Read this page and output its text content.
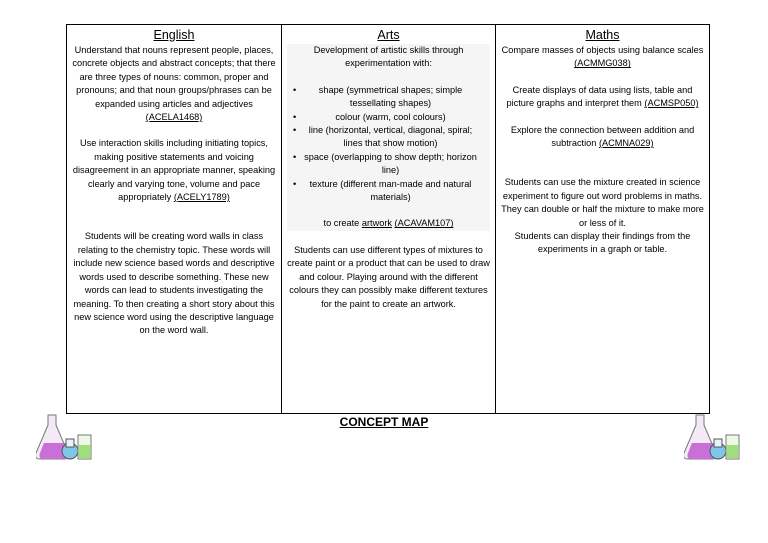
English

Understand that nouns represent people, places, concrete objects and abstract concepts; that there are three types of nouns: common, proper and pronouns; and that noun groups/phrases can be expanded using articles and adjectives (ACELA1468)

Use interaction skills including initiating topics, making positive statements and voicing disagreement in an appropriate manner, speaking clearly and varying tone, volume and pace appropriately (ACELY1789)

Students will be creating word walls in class relating to the chemistry topic. These words will include new science based words and descriptive words used to describe something. These new words can lead to students investigating the meaning. To then creating a short story about this new science word using the descriptive language on the word wall.

Arts

Development of artistic skills through experimentation with:

• shape (symmetrical shapes; simple tessellating shapes)
• colour (warm, cool colours)
• line (horizontal, vertical, diagonal, spiral; lines that show motion)
• space (overlapping to show depth; horizon line)
• texture (different man-made and natural materials)

to create artwork (ACAVAM107)

Students can use different types of mixtures to create paint or a product that can be used to draw and colour. Playing around with the different colours they can possibly make different textures for the paint to create an artwork.

Maths

Compare masses of objects using balance scales (ACMMG038)

Create displays of data using lists, table and picture graphs and interpret them (ACMSP050)

Explore the connection between addition and subtraction (ACMNA029)

Students can use the mixture created in science experiment to figure out word problems in maths.

They can double or half the mixture to make more or less of it.

Students can display their findings from the experiments in a graph or table.

CONCEPT MAP
